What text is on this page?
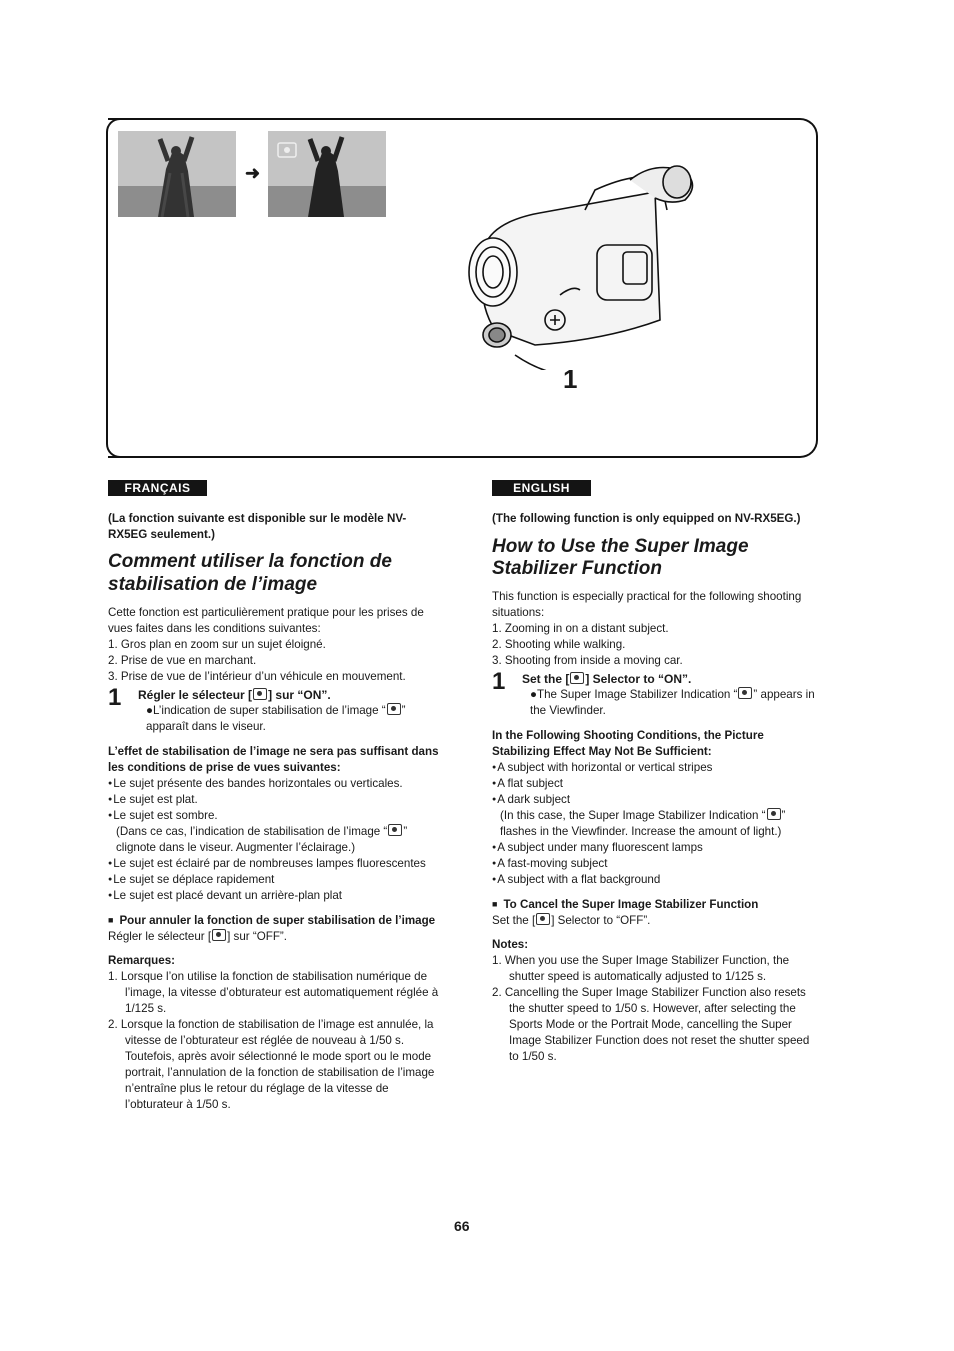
➜
1
FRANÇAIS

(La fonction suivante est disponible sur le modèle NV-RX5EG seulement.)

Comment utiliser la fonction de stabilisation de l’image

Cette fonction est particulièrement pratique pour les prises de vues faites dans les conditions suivantes:

1. Gros plan en zoom sur un sujet éloigné.
2. Prise de vue en marchant.
3. Prise de vue de l’intérieur d’un véhicule en mouvement.
1	Régler le sélecteur [ ] sur “ON”.

●L’indication de super stabilisation de l’image “ ” apparaît dans le viseur.

L’effet de stabilisation de l’image ne sera pas suffisant dans les conditions de prise de vues suivantes:
● Le sujet présente des bandes horizontales ou verticales.
● Le sujet est plat.
● Le sujet est sombre.
(Dans ce cas, l’indication de stabilisation de l’image “ ” clignote dans le viseur. Augmenter l’éclairage.)
● Le sujet est éclairé par de nombreuses lampes fluorescentes
● Le sujet se déplace rapidement
● Le sujet est placé devant un arrière-plan plat
■ Pour annuler la fonction de super stabilisation de l’image

Régler le sélecteur [ ] sur “OFF”.

Remarques:
1. Lorsque l’on utilise la fonction de stabilisation numérique de l’image, la vitesse d’obturateur est automatiquement réglée à 1/125 s.
2. Lorsque la fonction de stabilisation de l’image est annulée, la vitesse de l’obturateur est réglée de nouveau à 1/50 s. Toutefois, après avoir sélectionné le mode sport ou le mode portrait, l’annulation de la fonction de stabilisation de l’image n’entraîne plus le retour du réglage de la vitesse de l’obturateur à 1/50 s.
ENGLISH

(The following function is only equipped on NV-RX5EG.)

How to Use the Super Image Stabilizer Function

This function is especially practical for the following shooting situations:

1. Zooming in on a distant subject.
2. Shooting while walking.
3. Shooting from inside a moving car.
1	Set the [ ] Selector to “ON”.

●The Super Image Stabilizer Indication “ ” appears in the Viewfinder.

In the Following Shooting Conditions, the Picture Stabilizing Effect May Not Be Sufficient:
● A subject with horizontal or vertical stripes
● A flat subject
● A dark subject
(In this case, the Super Image Stabilizer Indication “ ” flashes in the Viewfinder. Increase the amount of light.)
● A subject under many fluorescent lamps
● A fast-moving subject
● A subject with a flat background
■ To Cancel the Super Image Stabilizer Function

Set the [ ] Selector to “OFF”.

Notes:
1. When you use the Super Image Stabilizer Function, the shutter speed is automatically adjusted to 1/125 s.
2. Cancelling the Super Image Stabilizer Function also resets the shutter speed to 1/50 s. However, after selecting the Sports Mode or the Portrait Mode, cancelling the Super Image Stabilizer Function does not reset the shutter speed to 1/50 s.
66
